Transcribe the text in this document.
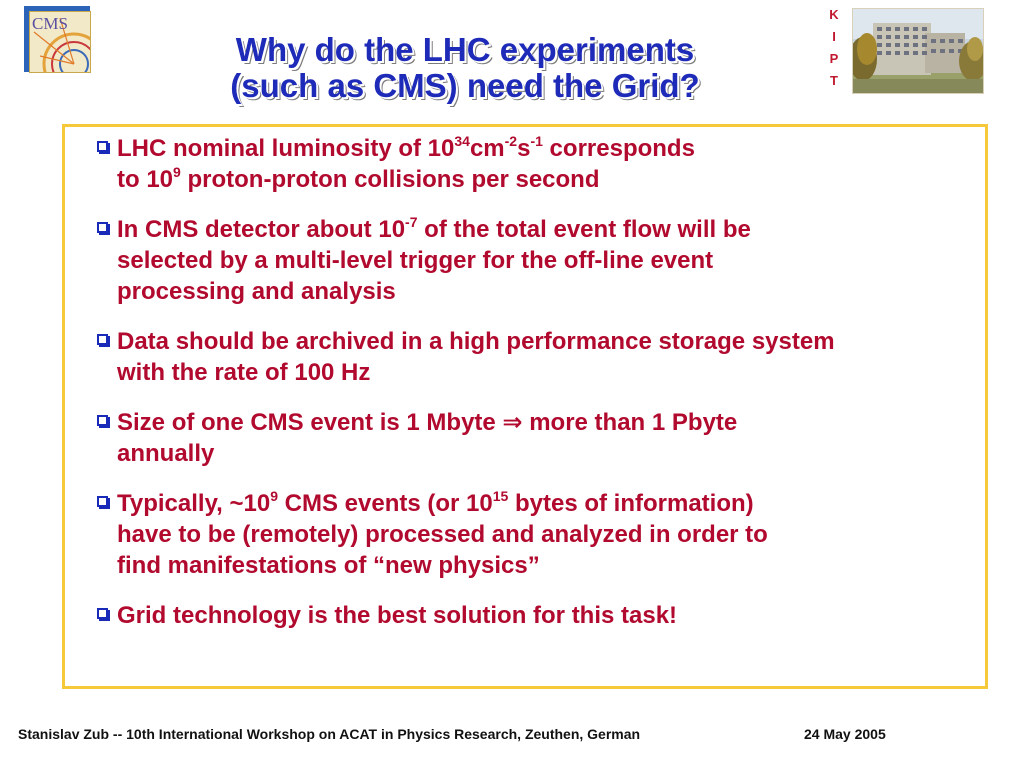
CMS
Why do the LHC experiments
(such as CMS) need the Grid?
K
I
P
T
LHC nominal luminosity of $10^{34}cm^{-2}s^{-1}$ corresponds
to $10^9$ proton-proton collisions per second
In CMS detector about $10^{-7}$ of the total event flow will be
selected by a multi-level trigger for the off-line event
processing and analysis
Data should be archived in a high performance storage system
with the rate of 100 Hz
Size of one CMS event is 1 Mbyte ⇒ more than 1 Pbyte
annually
Typically, $\sim 10^9$ CMS events (or $10^{15}$ bytes of information)
have to be (remotely) processed and analyzed in order to
find manifestations of “new physics”
Grid technology is the best solution for this task!
Stanislav Zub -- 10th International Workshop on ACAT in Physics Research, Zeuthen, German	24 May 2005
